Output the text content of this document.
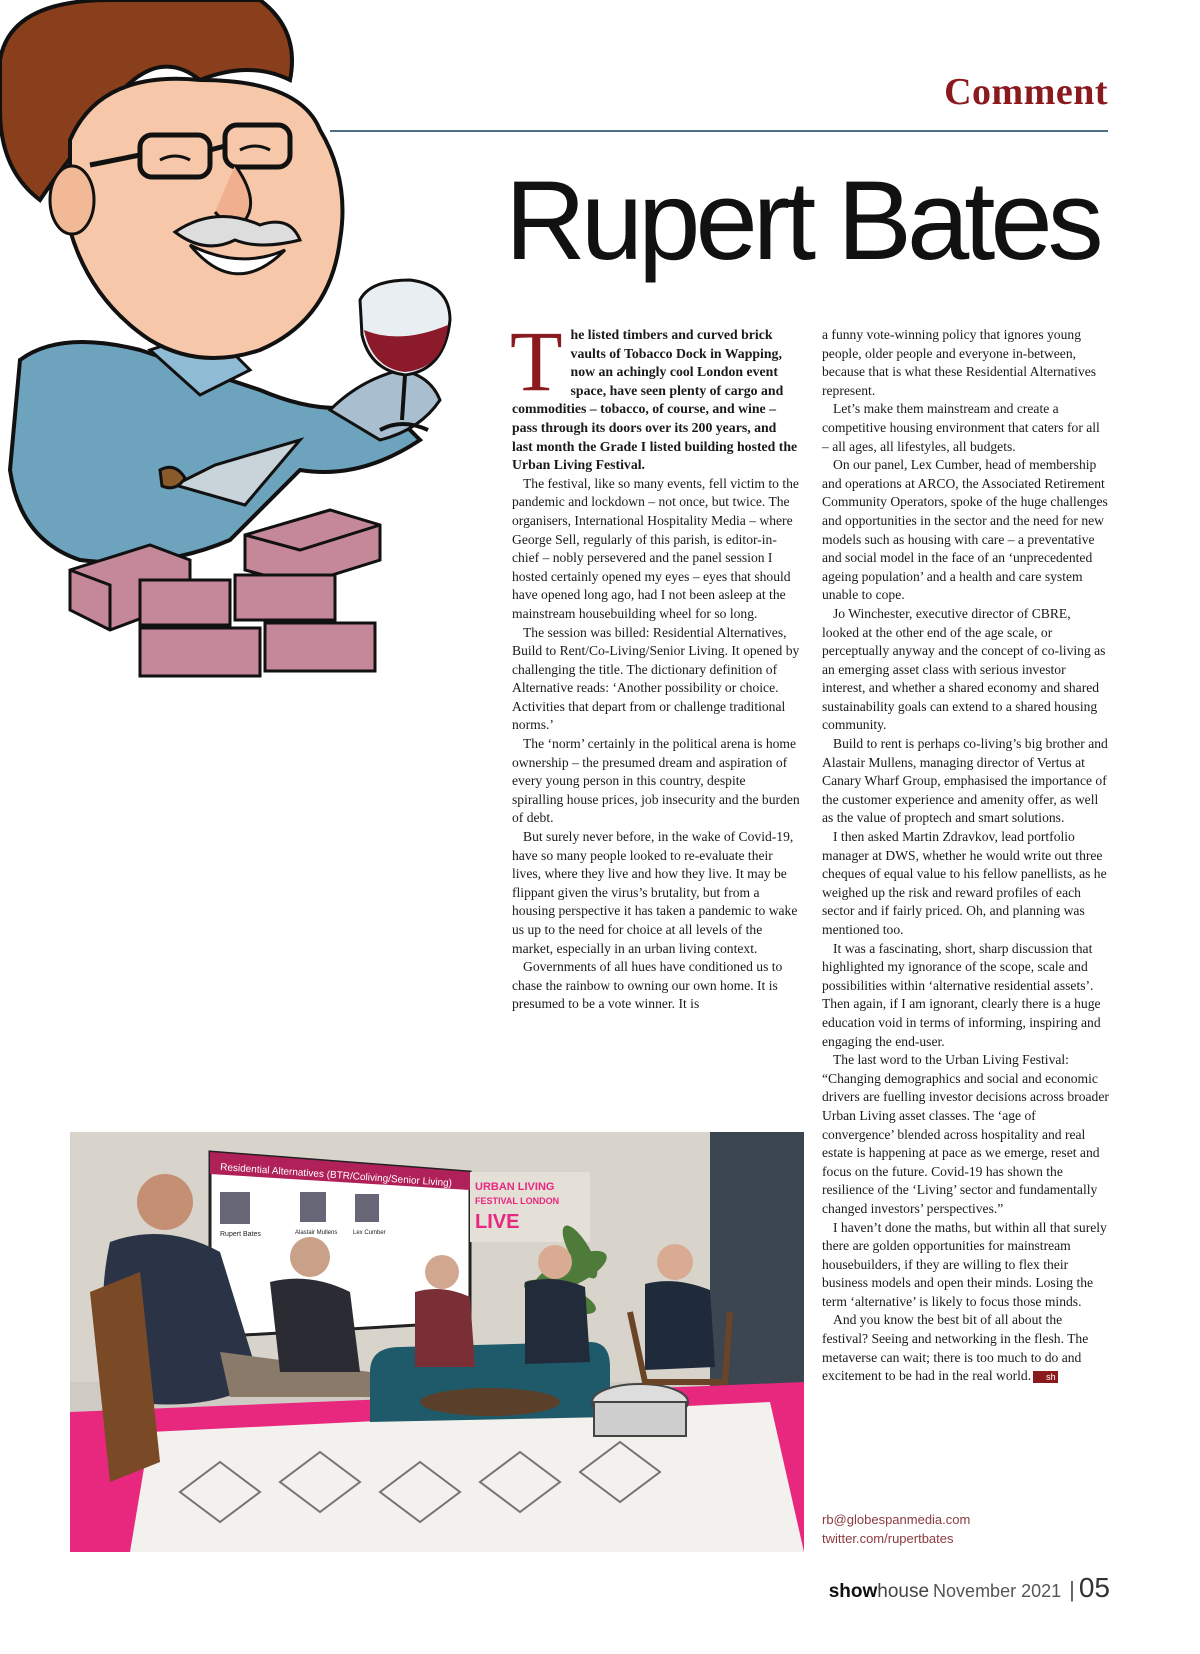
Comment
Rupert Bates
T he listed timbers and curved brick vaults of Tobacco Dock in Wapping, now an achingly cool London event space, have seen plenty of cargo and commodities – tobacco, of course, and wine – pass through its doors over its 200 years, and last month the Grade I listed building hosted the Urban Living Festival.

The festival, like so many events, fell victim to the pandemic and lockdown – not once, but twice. The organisers, International Hospitality Media – where George Sell, regularly of this parish, is editor-in-chief – nobly persevered and the panel session I hosted certainly opened my eyes – eyes that should have opened long ago, had I not been asleep at the mainstream housebuilding wheel for so long.

The session was billed: Residential Alternatives, Build to Rent/Co-Living/Senior Living. It opened by challenging the title. The dictionary definition of Alternative reads: ‘Another possibility or choice. Activities that depart from or challenge traditional norms.’

The ‘norm’ certainly in the political arena is home ownership – the presumed dream and aspiration of every young person in this country, despite spiralling house prices, job insecurity and the burden of debt.

But surely never before, in the wake of Covid-19, have so many people looked to re-evaluate their lives, where they live and how they live. It may be flippant given the virus’s brutality, but from a housing perspective it has taken a pandemic to wake us up to the need for choice at all levels of the market, especially in an urban living context.

Governments of all hues have conditioned us to chase the rainbow to owning our own home. It is presumed to be a vote winner. It is

a funny vote-winning policy that ignores young people, older people and everyone in-between, because that is what these Residential Alternatives represent.

Let’s make them mainstream and create a competitive housing environment that caters for all – all ages, all lifestyles, all budgets.

On our panel, Lex Cumber, head of membership and operations at ARCO, the Associated Retirement Community Operators, spoke of the huge challenges and opportunities in the sector and the need for new models such as housing with care – a preventative and social model in the face of an ‘unprecedented ageing population’ and a health and care system unable to cope.

Jo Winchester, executive director of CBRE, looked at the other end of the age scale, or perceptually anyway and the concept of co-living as an emerging asset class with serious investor interest, and whether a shared economy and shared sustainability goals can extend to a shared housing community.

Build to rent is perhaps co-living’s big brother and Alastair Mullens, managing director of Vertus at Canary Wharf Group, emphasised the importance of the customer experience and amenity offer, as well as the value of proptech and smart solutions.

I then asked Martin Zdravkov, lead portfolio manager at DWS, whether he would write out three cheques of equal value to his fellow panellists, as he weighed up the risk and reward profiles of each sector and if fairly priced. Oh, and planning was mentioned too.

It was a fascinating, short, sharp discussion that highlighted my ignorance of the scope, scale and possibilities within ‘alternative residential assets’. Then again, if I am ignorant, clearly there is a huge education void in terms of informing, inspiring and engaging the end-user.

The last word to the Urban Living Festival: “Changing demographics and social and economic drivers are fuelling investor decisions across broader Urban Living asset classes. The ‘age of convergence’ blended across hospitality and real estate is happening at pace as we emerge, reset and focus on the future. Covid-19 has shown the resilience of the ‘Living’ sector and fundamentally changed investors’ perspectives.”

I haven’t done the maths, but within all that surely there are golden opportunities for mainstream housebuilders, if they are willing to flex their business models and open their minds. Losing the term ‘alternative’ is likely to focus those minds.

And you know the best bit of all about the festival? Seeing and networking in the flesh. The metaverse can wait; there is too much to do and excitement to be had in the real world. sh

rb@globespanmedia.com
twitter.com/rupertbates
Residential Alternatives (BTR/Coliving/Senior Living)
Rupert Bates	Alastair Mullens	Lex Cumber
URBAN LIVING
FESTIVAL LONDON
LIVE
show house November 2021 | 05
